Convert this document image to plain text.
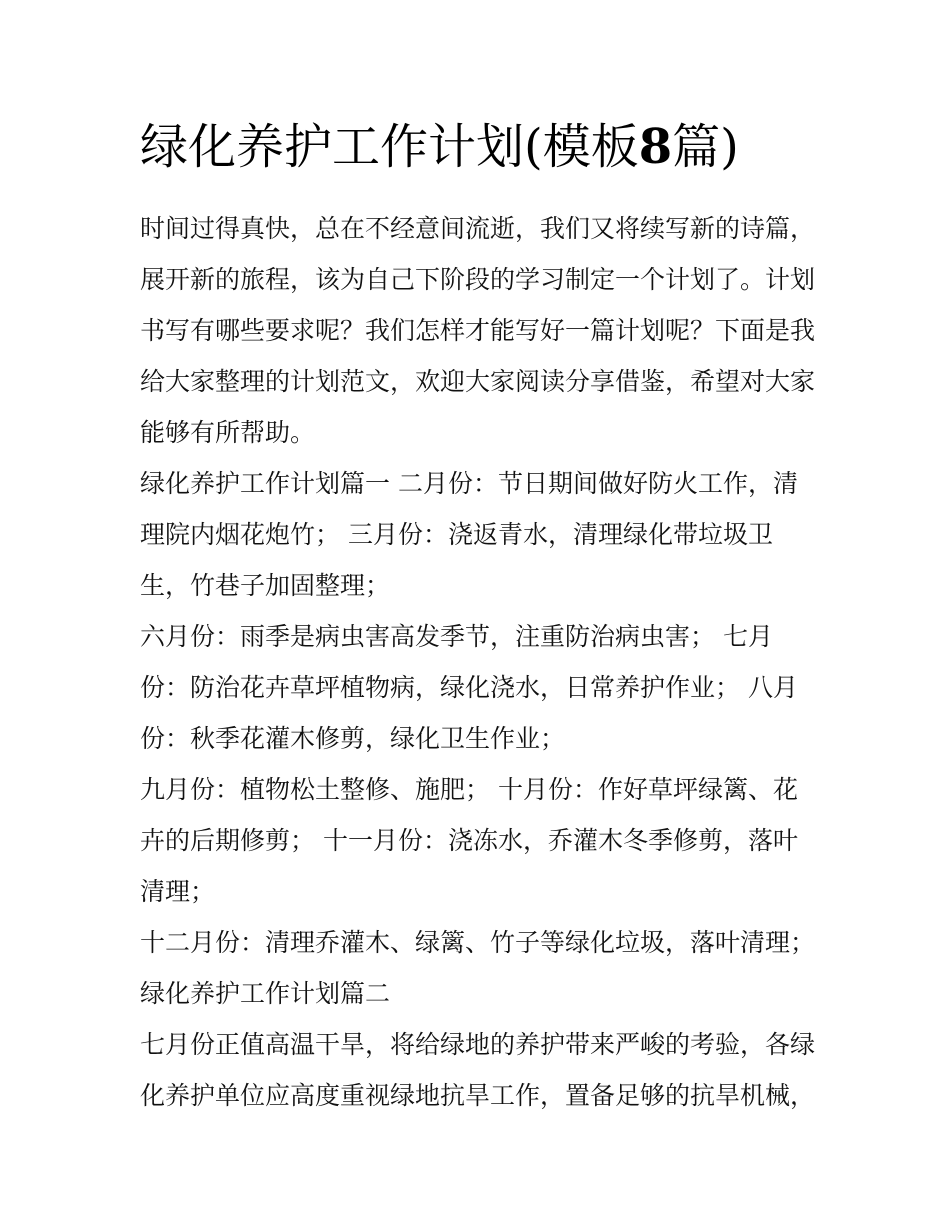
绿化养护工作计划(模板8篇)

时间过得真快，总在不经意间流逝，我们又将续写新的诗篇，
展开新的旅程，该为自己下阶段的学习制定一个计划了。计划
书写有哪些要求呢？我们怎样才能写好一篇计划呢？下面是我
给大家整理的计划范文，欢迎大家阅读分享借鉴，希望对大家
能够有所帮助。

绿化养护工作计划篇一 二月份：节日期间做好防火工作，清
理院内烟花炮竹； 三月份：浇返青水，清理绿化带垃圾卫
生，竹巷子加固整理；

六月份：雨季是病虫害高发季节，注重防治病虫害； 七月
份：防治花卉草坪植物病，绿化浇水，日常养护作业； 八月
份：秋季花灌木修剪，绿化卫生作业；

九月份：植物松土整修、施肥； 十月份：作好草坪绿篱、花
卉的后期修剪； 十一月份：浇冻水，乔灌木冬季修剪，落叶
清理；

十二月份：清理乔灌木、绿篱、竹子等绿化垃圾，落叶清理；

绿化养护工作计划篇二

七月份正值高温干旱，将给绿地的养护带来严峻的考验，各绿
化养护单位应高度重视绿地抗旱工作，置备足够的抗旱机械，
